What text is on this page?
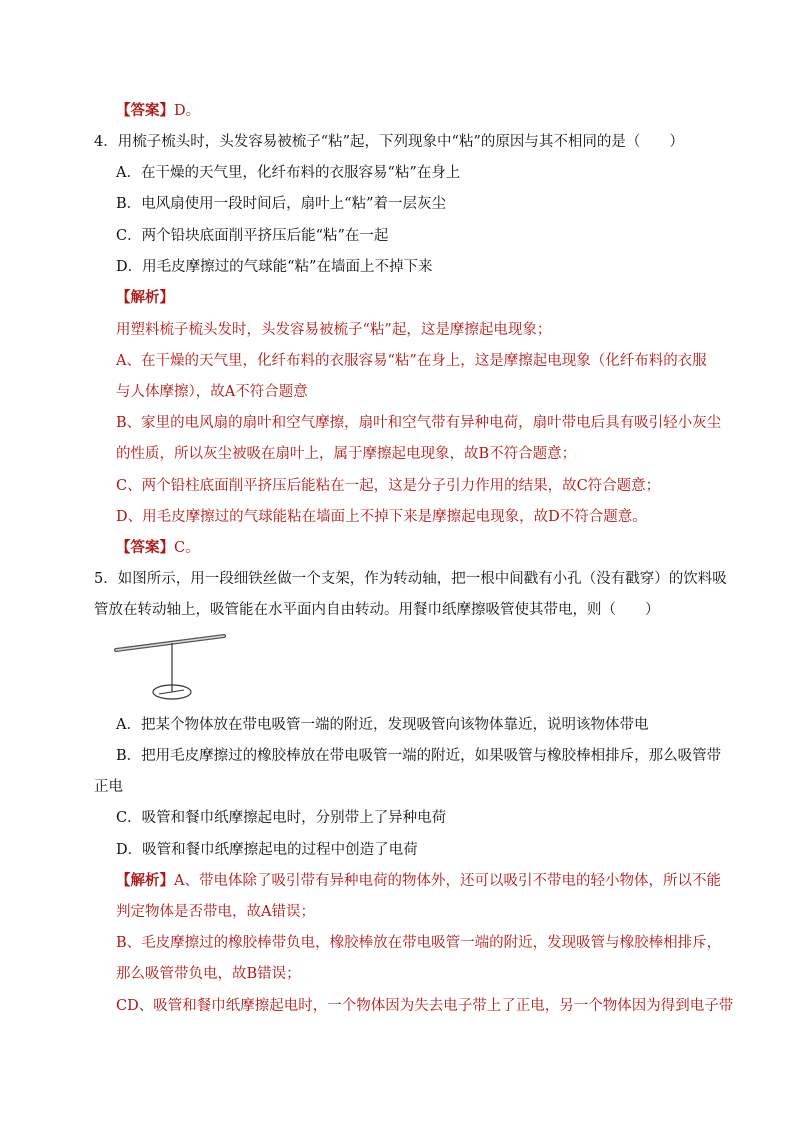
【答案】D。
4．用梳子梳头时，头发容易被梳子“粘”起，下列现象中“粘”的原因与其不相同的是（　　）
A．在干燥的天气里，化纤布料的衣服容易“粘”在身上
B．电风扇使用一段时间后，扇叶上“粘”着一层灰尘
C．两个铅块底面削平挤压后能“粘”在一起
D．用毛皮摩擦过的气球能“粘”在墙面上不掉下来
【解析】
用塑料梳子梳头发时，头发容易被梳子“粘”起，这是摩擦起电现象；
A、在干燥的天气里，化纤布料的衣服容易“粘”在身上，这是摩擦起电现象（化纤布料的衣服
与人体摩擦），故A不符合题意
B、家里的电风扇的扇叶和空气摩擦，扇叶和空气带有异种电荷，扇叶带电后具有吸引轻小灰尘
的性质，所以灰尘被吸在扇叶上，属于摩擦起电现象，故B不符合题意；
C、两个铅柱底面削平挤压后能粘在一起，这是分子引力作用的结果，故C符合题意；
D、用毛皮摩擦过的气球能粘在墙面上不掉下来是摩擦起电现象，故D不符合题意。
【答案】C。
5．如图所示，用一段细铁丝做一个支架，作为转动轴，把一根中间戳有小孔（没有戳穿）的饮料吸
管放在转动轴上，吸管能在水平面内自由转动。用餐巾纸摩擦吸管使其带电，则（　　）
A．把某个物体放在带电吸管一端的附近，发现吸管向该物体靠近，说明该物体带电
B．把用毛皮摩擦过的橡胶棒放在带电吸管一端的附近，如果吸管与橡胶棒相排斥，那么吸管带
正电
C．吸管和餐巾纸摩擦起电时，分别带上了异种电荷
D．吸管和餐巾纸摩擦起电的过程中创造了电荷
【解析】A、带电体除了吸引带有异种电荷的物体外，还可以吸引不带电的轻小物体，所以不能
判定物体是否带电，故A错误；
B、毛皮摩擦过的橡胶棒带负电，橡胶棒放在带电吸管一端的附近，发现吸管与橡胶棒相排斥，
那么吸管带负电，故B错误；
CD、吸管和餐巾纸摩擦起电时，一个物体因为失去电子带上了正电，另一个物体因为得到电子带
